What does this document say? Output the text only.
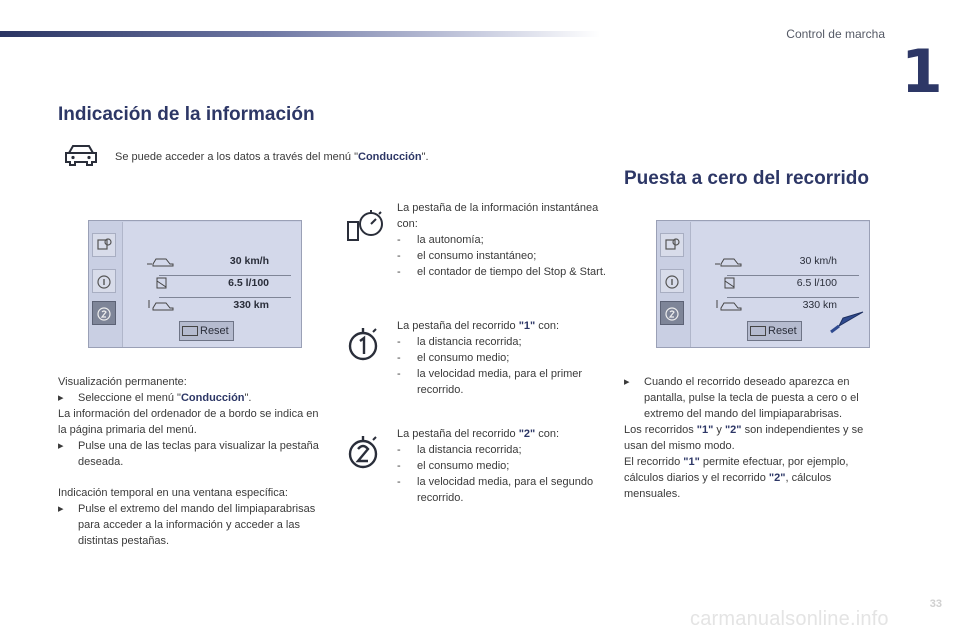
Control de marcha
1
Indicación de la información
Se puede acceder a los datos a través del menú "Conducción".
30 km/h
6.5 l/100
330 km
Reset
Visualización permanente:
▸ Seleccione el menú "Conducción".
La información del ordenador de a bordo se indica en la página primaria del menú.
▸ Pulse una de las teclas para visualizar la pestaña deseada.
Indicación temporal en una ventana específica:
▸ Pulse el extremo del mando del limpiaparabrisas para acceder a la información y acceder a las distintas pestañas.
La pestaña de la información instantánea con:
- la autonomía;
- el consumo instantáneo;
- el contador de tiempo del Stop & Start.
La pestaña del recorrido "1" con:
- la distancia recorrida;
- el consumo medio;
- la velocidad media, para el primer recorrido.
La pestaña del recorrido "2" con:
- la distancia recorrida;
- el consumo medio;
- la velocidad media, para el segundo recorrido.
Puesta a cero del recorrido
30 km/h
6.5 l/100
330 km
Reset
▸ Cuando el recorrido deseado aparezca en pantalla, pulse la tecla de puesta a cero o el extremo del mando del limpiaparabrisas.
Los recorridos "1" y "2" son independientes y se usan del mismo modo.
El recorrido "1" permite efectuar, por ejemplo, cálculos diarios y el recorrido "2", cálculos mensuales.
33
carmanualsonline.info
